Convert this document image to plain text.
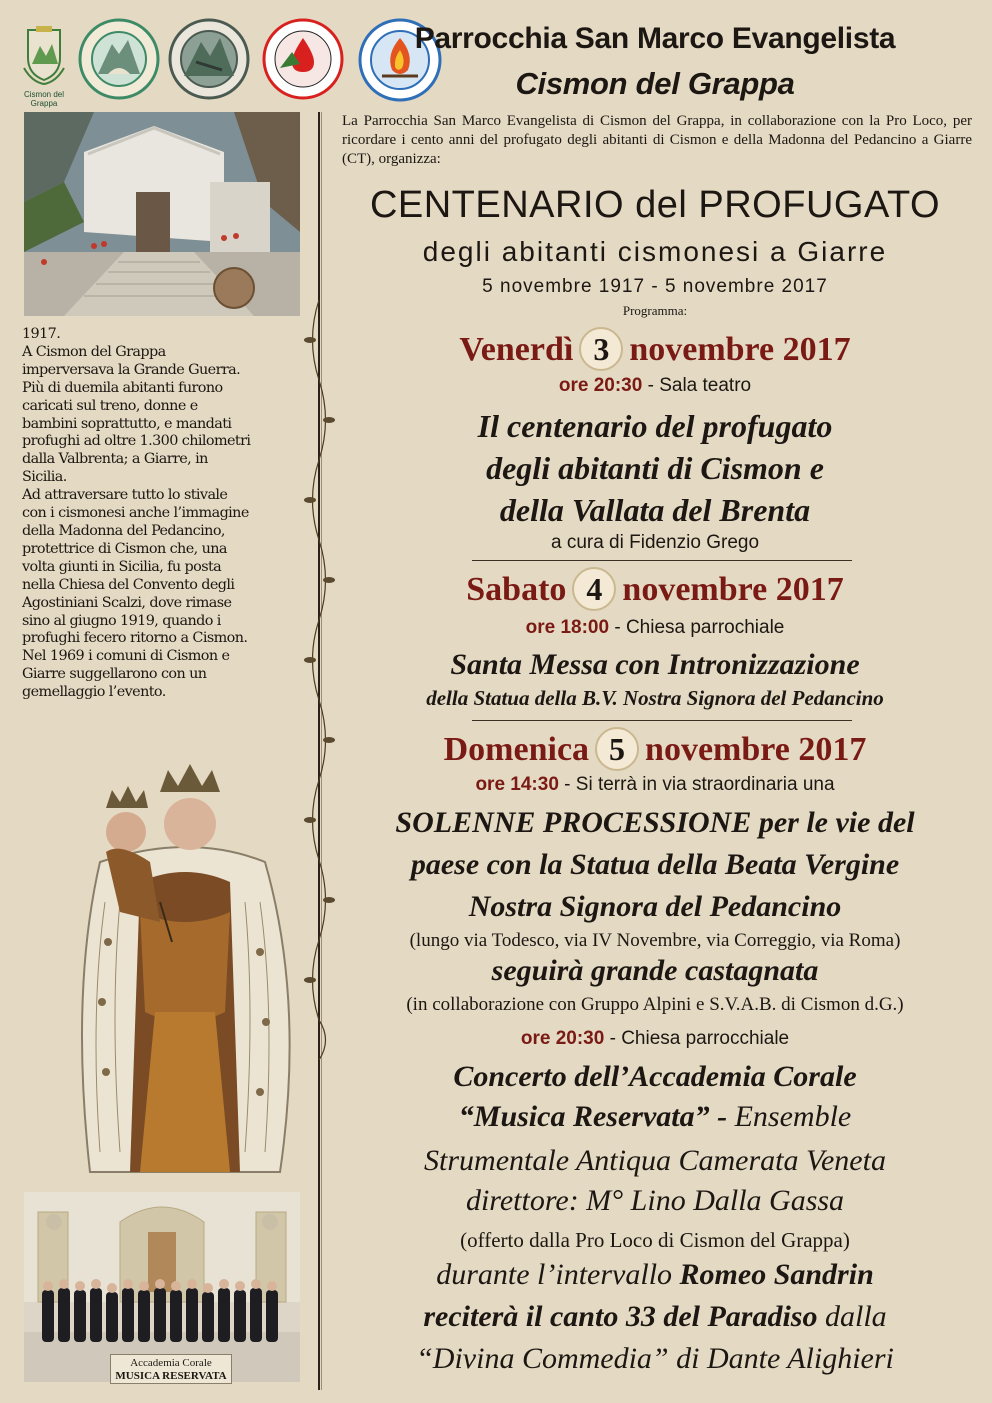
Cismon del Grappa
Parrocchia San Marco Evangelista
Cismon del Grappa
La Parrocchia San Marco Evangelista di Cismon del Grappa, in collaborazione con la Pro Loco, per ricordare i cento anni del profugato degli abitanti di Cismon e della Madonna del Pedancino a Giarre (CT), organizza:
CENTENARIO del PROFUGATO
degli abitanti cismonesi a Giarre
5 novembre 1917 - 5 novembre 2017
Programma:
Venerdì 3 novembre 2017
ore 20:30 - Sala teatro
Il centenario del profugato
degli abitanti di Cismon e
della Vallata del Brenta
a cura di Fidenzio Grego
Sabato 4 novembre 2017
ore 18:00 - Chiesa parrochiale
Santa Messa con Intronizzazione
della Statua della B.V. Nostra Signora del Pedancino
Domenica 5 novembre 2017
ore 14:30 - Si terrà in via straordinaria una
SOLENNE PROCESSIONE per le vie del
paese con la Statua della Beata Vergine
Nostra Signora del Pedancino
(lungo via Todesco, via IV Novembre, via Correggio, via Roma)
seguirà grande castagnata
(in collaborazione con Gruppo Alpini e S.V.A.B. di Cismon d.G.)
ore 20:30 - Chiesa parrocchiale
Concerto dell’Accademia Corale
“Musica Reservata” - Ensemble
Strumentale Antiqua Camerata Veneta
direttore: M° Lino Dalla Gassa
(offerto dalla Pro Loco di Cismon del Grappa)
durante l’intervallo Romeo Sandrin
reciterà il canto 33 del Paradiso dalla
“Divina Commedia” di Dante Alighieri
1917.
A Cismon del Grappa
imperversava la Grande Guerra.
Più di duemila abitanti furono
caricati sul treno, donne e
bambini soprattutto, e mandati
profughi ad oltre 1.300 chilometri
dalla Valbrenta; a Giarre, in
Sicilia.
Ad attraversare tutto lo stivale
con i cismonesi anche l’immagine
della Madonna del Pedancino,
protettrice di Cismon che, una
volta giunti in Sicilia, fu posta
nella Chiesa del Convento degli
Agostiniani Scalzi, dove rimase
sino al giugno 1919, quando i
profughi fecero ritorno a Cismon.
Nel 1969 i comuni di Cismon e
Giarre suggellarono con un
gemellaggio l’evento.
Accademia Corale
MUSICA RESERVATA
